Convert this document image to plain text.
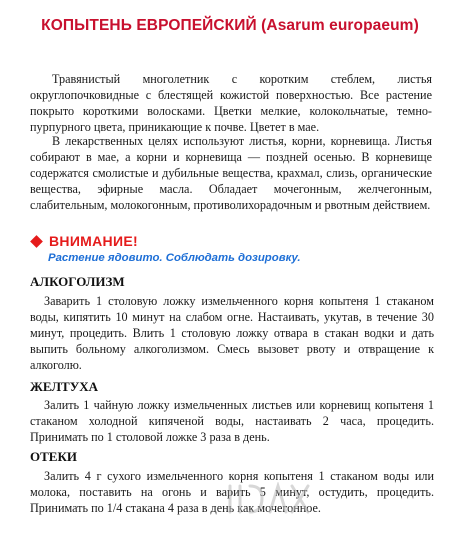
КОПЫТЕНЬ ЕВРОПЕЙСКИЙ (Asarum europaeum)

Травянистый многолетник с коротким стеблем, листья округлопочковидные с блестящей кожистой поверхностью. Все растение покрыто короткими волосками. Цветки мелкие, колокольчатые, темно-пурпурного цвета, приникающие к почве. Цветет в мае.

В лекарственных целях используют листья, корни, корневища. Листья собирают в мае, а корни и корневища — поздней осенью. В корневище содержатся смолистые и дубильные вещества, крахмал, слизь, органические вещества, эфирные масла. Обладает мочегонным, желчегонным, слабительным, молокогонным, противолихорадочным и рвотным действием.

ВНИМАНИЕ!
Растение ядовито. Соблюдать дозировку.
АЛКОГОЛИЗМ

Заварить 1 столовую ложку измельченного корня копытеня 1 стаканом воды, кипятить 10 минут на слабом огне. Настаивать, укутав, в течение 30 минут, процедить. Влить 1 столовую ложку отвара в стакан водки и дать выпить больному алкоголизмом. Смесь вызовет рвоту и отвращение к алкоголю.

ЖЕЛТУХА

Залить 1 чайную ложку измельченных листьев или корневищ копытеня 1 стаканом холодной кипяченой воды, настаивать 2 часа, процедить. Принимать по 1 столовой ложке 3 раза в день.

ОТЕКИ

Залить 4 г сухого измельченного корня копытеня 1 стаканом воды или молока, поставить на огонь и варить 5 минут, остудить, процедить. Принимать по 1/4 стакана 4 раза в день как мочегонное.
